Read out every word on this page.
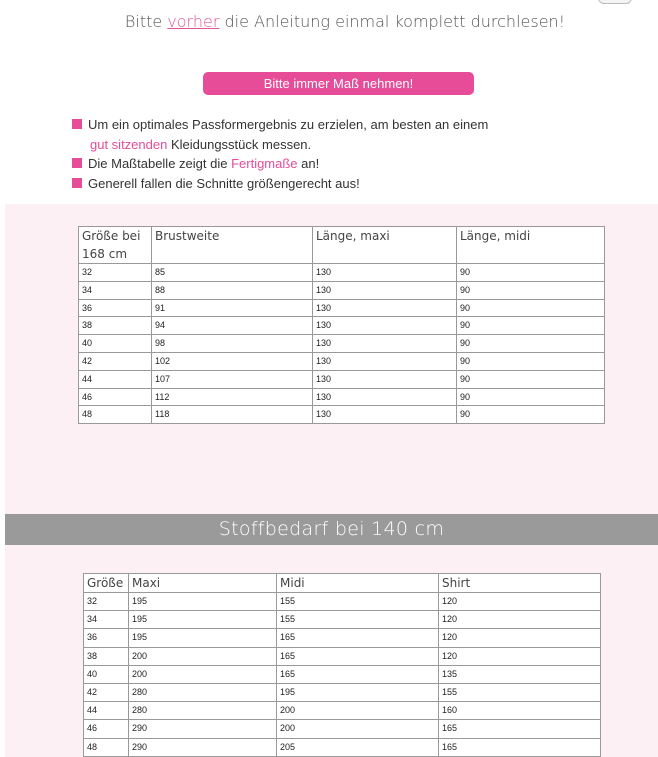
Bitte vorher die Anleitung einmal komplett durchlesen!
Bitte immer Maß nehmen!
Um ein optimales Passformergebnis zu erzielen, am besten an einem
gut sitzenden Kleidungsstück messen.
Die Maßtabelle zeigt die Fertigmaße an!
Generell fallen die Schnitte größengerecht aus!
Größe bei 168 cm	Brustweite	Länge, maxi	Länge, midi
32	85	130	90
34	88	130	90
36	91	130	90
38	94	130	90
40	98	130	90
42	102	130	90
44	107	130	90
46	112	130	90
48	118	130	90
Stoffbedarf bei 140 cm
Größe	Maxi	Midi	Shirt
32	195	155	120
34	195	155	120
36	195	165	120
38	200	165	120
40	200	165	135
42	280	195	155
44	280	200	160
46	290	200	165
48	290	205	165
